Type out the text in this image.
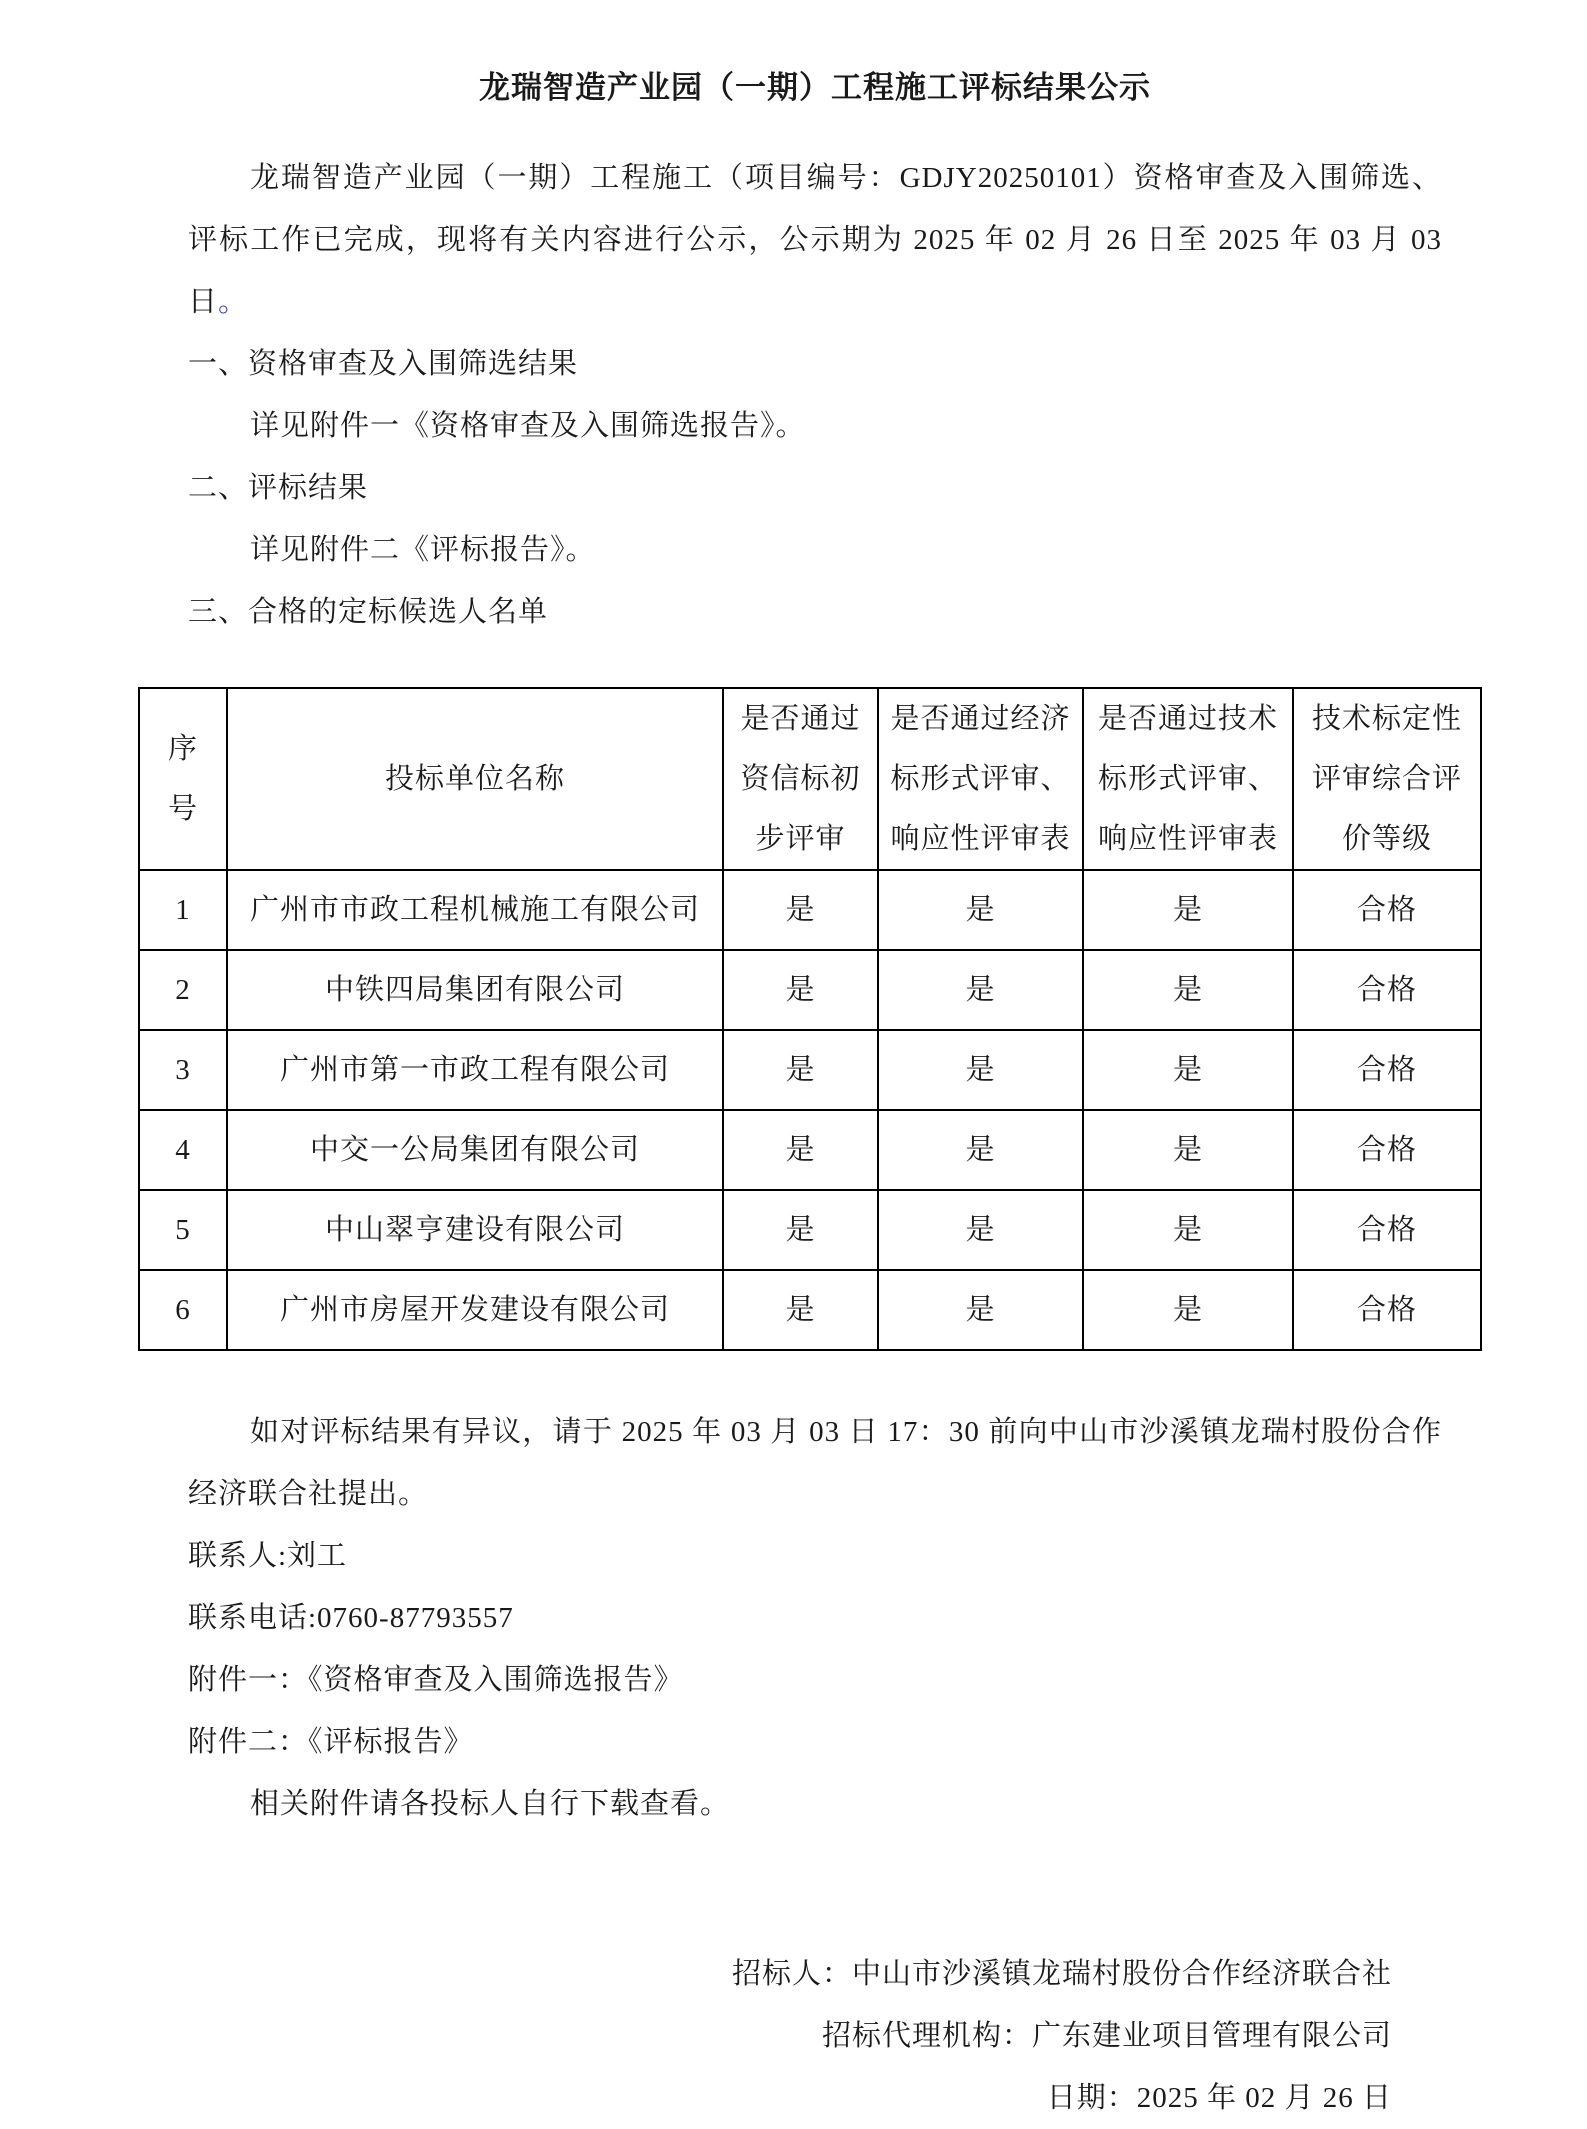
龙瑞智造产业园（一期）工程施工评标结果公示

龙瑞智造产业园（一期）工程施工（项目编号：GDJY20250101）资格审查及入围筛选、评标工作已完成，现将有关内容进行公示，公示期为 2025 年 02 月 26 日至 2025 年 03 月 03 日。

一、资格审查及入围筛选结果

详见附件一《资格审查及入围筛选报告》。

二、评标结果

详见附件二《评标报告》。

三、合格的定标候选人名单

序号	投标单位名称	是否通过资信标初步评审	是否通过经济标形式评审、响应性评审表	是否通过技术标形式评审、响应性评审表	技术标定性评审综合评价等级
1	广州市市政工程机械施工有限公司	是	是	是	合格
2	中铁四局集团有限公司	是	是	是	合格
3	广州市第一市政工程有限公司	是	是	是	合格
4	中交一公局集团有限公司	是	是	是	合格
5	中山翠亨建设有限公司	是	是	是	合格
6	广州市房屋开发建设有限公司	是	是	是	合格

如对评标结果有异议，请于 2025 年 03 月 03 日 17：30 前向中山市沙溪镇龙瑞村股份合作经济联合社提出。

联系人:刘工

联系电话:0760-87793557

附件一：《资格审查及入围筛选报告》

附件二：《评标报告》

相关附件请各投标人自行下载查看。

招标人：中山市沙溪镇龙瑞村股份合作经济联合社

招标代理机构：广东建业项目管理有限公司

日期：2025 年 02 月 26 日
